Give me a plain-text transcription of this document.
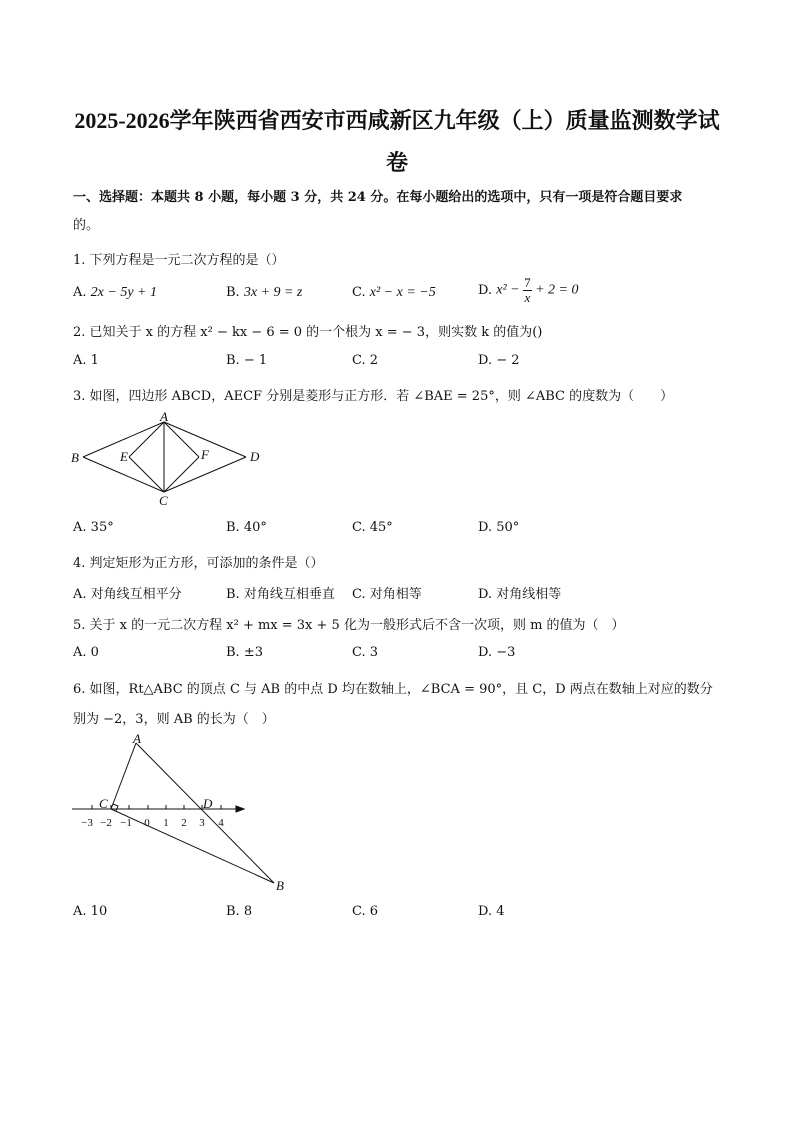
2025-2026学年陕西省西安市西咸新区九年级（上）质量监测数学试
卷
一、选择题：本题共 8 小题，每小题 3 分，共 24 分。在每小题给出的选项中，只有一项是符合题目要求
的。
1. 下列方程是一元二次方程的是（）
A. 2x − 5y + 1	B. 3x + 9 = z	C. x² − x = −5	D. $x^2 - \frac{7}{x} + 2 = 0$
2. 已知关于 x 的方程 x² − kx − 6 = 0 的一个根为 x = − 3，则实数 k 的值为()
A. 1	B. − 1	C. 2	D. − 2
3. 如图，四边形 ABCD，AECF 分别是菱形与正方形．若 ∠BAE = 25°，则 ∠ABC 的度数为（　　）
A
B
C
D
E	F
A. 35°	B. 40°	C. 45°	D. 50°
4. 判定矩形为正方形，可添加的条件是（）
A. 对角线互相平分	B. 对角线互相垂直 C. 对角相等	D. 对角线相等
5. 关于 x 的一元二次方程 x² + mx = 3x + 5 化为一般形式后不含一次项，则 m 的值为（　）
A. 0	B. ±3	C. 3	D. −3
6. 如图，Rt△ABC 的顶点 C 与 AB 的中点 D 均在数轴上，∠BCA = 90°，且 C，D 两点在数轴上对应的数分
别为 −2，3，则 AB 的长为（　）
−3 −2 −1 0 1 2 3 4
A
B
C	D
A. 10	B. 8	C. 6	D. 4
